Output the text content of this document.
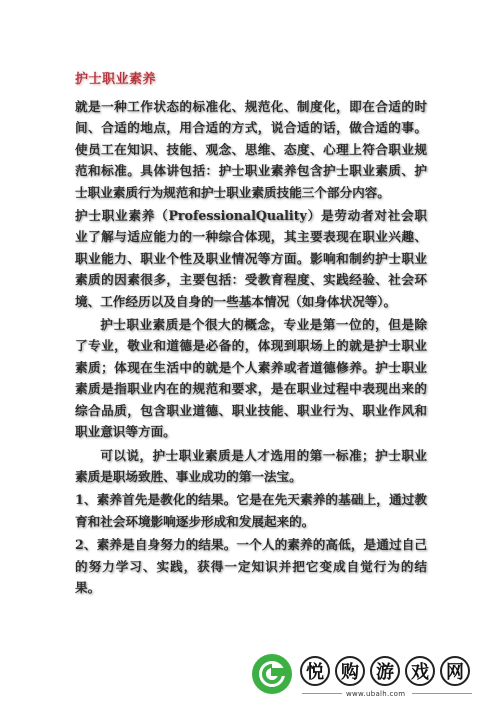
护士职业素养

就是一种工作状态的标准化、规范化、制度化，即在合适的时间、合适的地点，用合适的方式，说合适的话，做合适的事。使员工在知识、技能、观念、思维、态度、心理上符合职业规范和标准。具体讲包括：护士职业素养包含护士职业素质、护士职业素质行为规范和护士职业素质技能三个部分内容。

护士职业素养（ProfessionalQuality）是劳动者对社会职业了解与适应能力的一种综合体现，其主要表现在职业兴趣、职业能力、职业个性及职业情况等方面。影响和制约护士职业素质的因素很多，主要包括：受教育程度、实践经验、社会环境、工作经历以及自身的一些基本情况（如身体状况等）。

护士职业素质是个很大的概念，专业是第一位的，但是除了专业，敬业和道德是必备的，体现到职场上的就是护士职业素质；体现在生活中的就是个人素养或者道德修养。护士职业素质是指职业内在的规范和要求，是在职业过程中表现出来的综合品质，包含职业道德、职业技能、职业行为、职业作风和职业意识等方面。

可以说，护士职业素质是人才选用的第一标准；护士职业素质是职场致胜、事业成功的第一法宝。

1、素养首先是教化的结果。它是在先天素养的基础上，通过教育和社会环境影响逐步形成和发展起来的。

2、素养是自身努力的结果。一个人的素养的高低，是通过自己的努力学习、实践，获得一定知识并把它变成自觉行为的结果。

悦 购 游 戏 网
www.ubalh.com
